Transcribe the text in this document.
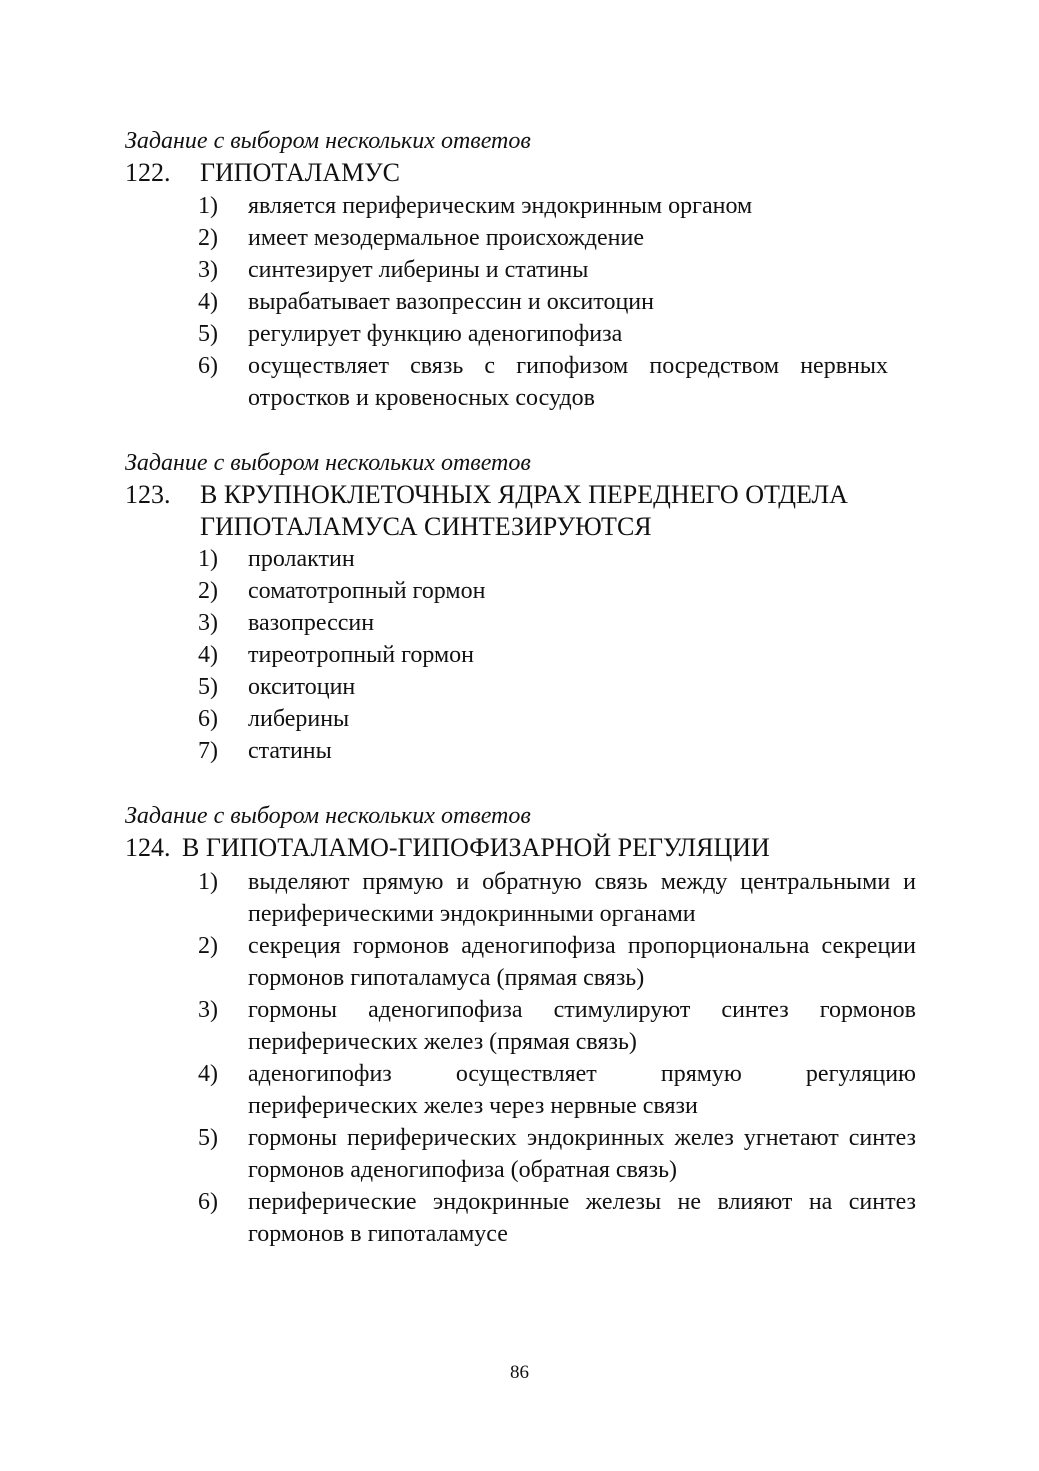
Задание с выбором нескольких ответов
122. ГИПОТАЛАМУС
1) является периферическим эндокринным органом
2) имеет мезодермальное происхождение
3) синтезирует либерины и статины
4) вырабатывает вазопрессин и окситоцин
5) регулирует функцию аденогипофиза
6) осуществляет связь с гипофизом посредством нервных отростков и кровеносных сосудов
Задание с выбором нескольких ответов
123. В КРУПНОКЛЕТОЧНЫХ ЯДРАХ ПЕРЕДНЕГО ОТДЕЛА
ГИПОТАЛАМУСА СИНТЕЗИРУЮТСЯ
1) пролактин
2) соматотропный гормон
3) вазопрессин
4) тиреотропный гормон
5) окситоцин
6) либерины
7) статины
Задание с выбором нескольких ответов
124. В ГИПОТАЛАМО-ГИПОФИЗАРНОЙ РЕГУЛЯЦИИ
1) выделяют прямую и обратную связь между центральными и периферическими эндокринными органами
2) секреция гормонов аденогипофиза пропорциональна секреции гормонов гипоталамуса (прямая связь)
3) гормоны аденогипофиза стимулируют синтез гормонов периферических желез (прямая связь)
4) аденогипофиз осуществляет прямую регуляцию периферических желез через нервные связи
5) гормоны периферических эндокринных желез угнетают синтез гормонов аденогипофиза (обратная связь)
6) периферические эндокринные железы не влияют на синтез гормонов в гипоталамусе
86
